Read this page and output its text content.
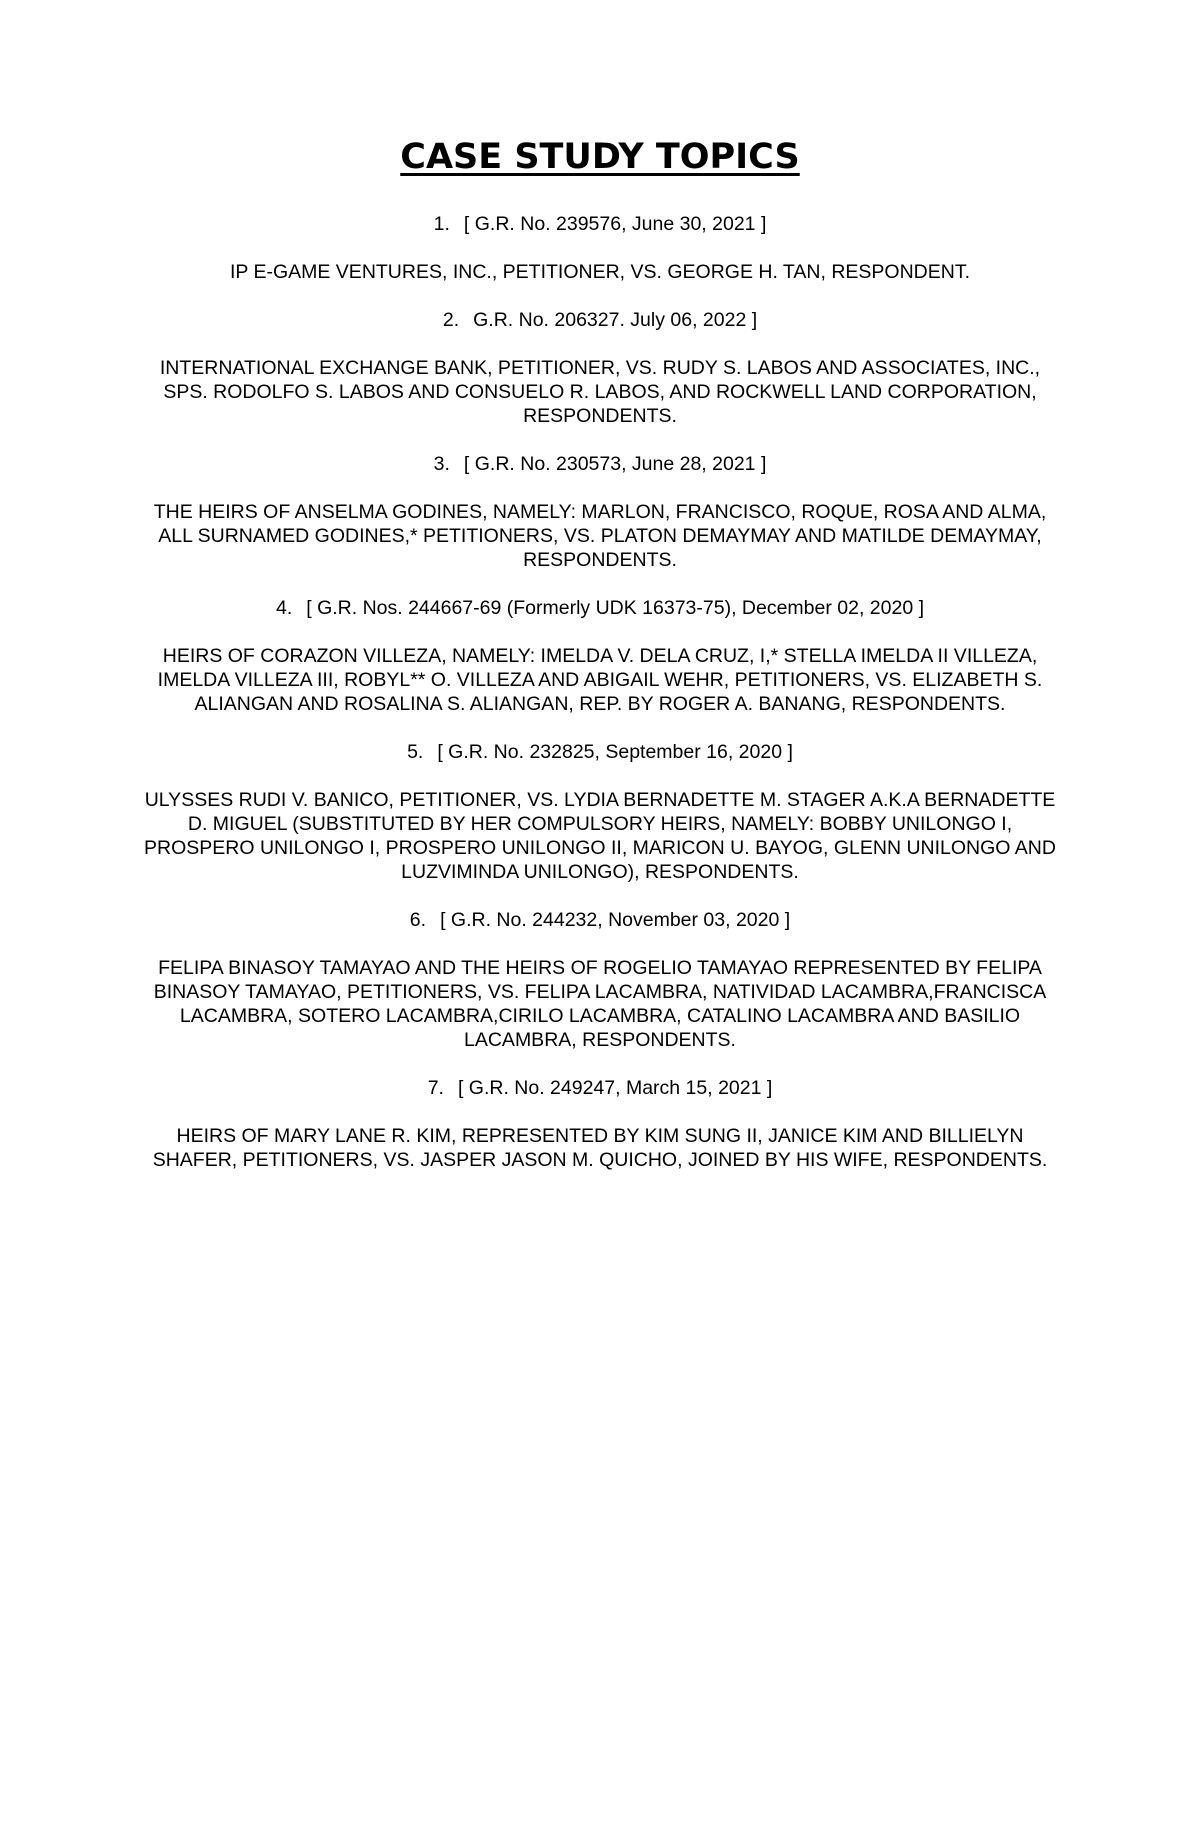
CASE STUDY TOPICS

1. [ G.R. No. 239576, June 30, 2021 ]

IP E-GAME VENTURES, INC., PETITIONER, VS. GEORGE H. TAN, RESPONDENT.

2. G.R. No. 206327. July 06, 2022 ]

INTERNATIONAL EXCHANGE BANK, PETITIONER, VS. RUDY S. LABOS AND ASSOCIATES, INC., SPS. RODOLFO S. LABOS AND CONSUELO R. LABOS, AND ROCKWELL LAND CORPORATION, RESPONDENTS.

3. [ G.R. No. 230573, June 28, 2021 ]

THE HEIRS OF ANSELMA GODINES, NAMELY: MARLON, FRANCISCO, ROQUE, ROSA AND ALMA, ALL SURNAMED GODINES,* PETITIONERS, VS. PLATON DEMAYMAY AND MATILDE DEMAYMAY, RESPONDENTS.

4. [ G.R. Nos. 244667-69 (Formerly UDK 16373-75), December 02, 2020 ]

HEIRS OF CORAZON VILLEZA, NAMELY: IMELDA V. DELA CRUZ, I,* STELLA IMELDA II VILLEZA, IMELDA VILLEZA III, ROBYL** O. VILLEZA AND ABIGAIL WEHR, PETITIONERS, VS. ELIZABETH S. ALIANGAN AND ROSALINA S. ALIANGAN, REP. BY ROGER A. BANANG, RESPONDENTS.

5. [ G.R. No. 232825, September 16, 2020 ]

ULYSSES RUDI V. BANICO, PETITIONER, VS. LYDIA BERNADETTE M. STAGER A.K.A BERNADETTE D. MIGUEL (SUBSTITUTED BY HER COMPULSORY HEIRS, NAMELY: BOBBY UNILONGO I, PROSPERO UNILONGO I, PROSPERO UNILONGO II, MARICON U. BAYOG, GLENN UNILONGO AND LUZVIMINDA UNILONGO), RESPONDENTS.

6. [ G.R. No. 244232, November 03, 2020 ]

FELIPA BINASOY TAMAYAO AND THE HEIRS OF ROGELIO TAMAYAO REPRESENTED BY FELIPA BINASOY TAMAYAO, PETITIONERS, VS. FELIPA LACAMBRA, NATIVIDAD LACAMBRA,FRANCISCA LACAMBRA, SOTERO LACAMBRA,CIRILO LACAMBRA, CATALINO LACAMBRA AND BASILIO LACAMBRA, RESPONDENTS.

7. [ G.R. No. 249247, March 15, 2021 ]

HEIRS OF MARY LANE R. KIM, REPRESENTED BY KIM SUNG II, JANICE KIM AND BILLIELYN SHAFER, PETITIONERS, VS. JASPER JASON M. QUICHO, JOINED BY HIS WIFE, RESPONDENTS.
